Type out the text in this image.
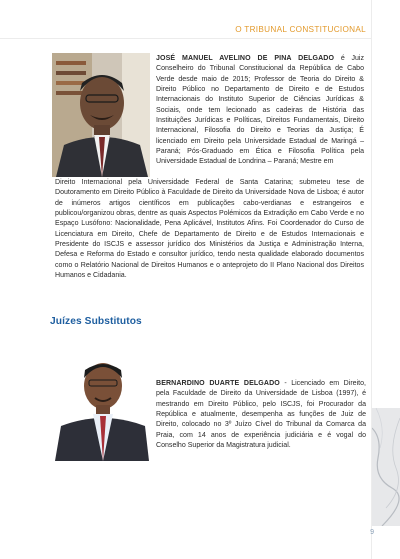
O TRIBUNAL CONSTITUCIONAL
JOSÉ MANUEL AVELINO DE PINA DELGADO é Juiz Conselheiro do Tribunal Constitucional da República de Cabo Verde desde maio de 2015; Professor de Teoria do Direito & Direito Público no Departamento de Direito e de Estudos Internacionais do Instituto Superior de Ciências Jurídicas & Sociais, onde tem lecionado as cadeiras de História das Instituições Jurídicas e Políticas, Direitos Fundamentais, Direito Internacional, Filosofia do Direito e Teorias da Justiça; É licenciado em Direito pela Universidade Estadual de Maringá – Paraná; Pós-Graduado em Ética e Filosofia Política pela Universidade Estadual de Londrina – Paraná; Mestre em
Direito Internacional pela Universidade Federal de Santa Catarina; submeteu tese de Doutoramento em Direito Público à Faculdade de Direito da Universidade Nova de Lisboa; é autor de inúmeros artigos científicos em publicações cabo-verdianas e estrangeiros e publicou/organizou obras, dentre as quais Aspectos Polémicos da Extradição em Cabo Verde e no Espaço Lusófono: Nacionalidade, Pena Aplicável, Institutos Afins. Foi Coordenador do Curso de Licenciatura em Direito, Chefe de Departamento de Direito e de Estudos Internacionais e Presidente do ISCJS e assessor jurídico dos Ministérios da Justiça e Administração Interna, Defesa e Reforma do Estado e consultor jurídico, tendo nesta qualidade elaborado documentos como o Relatório Nacional de Direitos Humanos e o anteprojeto do II Plano Nacional dos Direitos Humanos e Cidadania.
Juízes Substitutos
BERNARDINO DUARTE DELGADO - Licenciado em Direito, pela Faculdade de Direito da Universidade de Lisboa (1997), é mestrando em Direito Público, pelo ISCJS, foi Procurador da República e atualmente, desempenha as funções de Juiz de Direito, colocado no 3º Juízo Cível do Tribunal da Comarca da Praia, com 14 anos de experiência judiciária e é vogal do Conselho Superior da Magistratura judicial.
9
